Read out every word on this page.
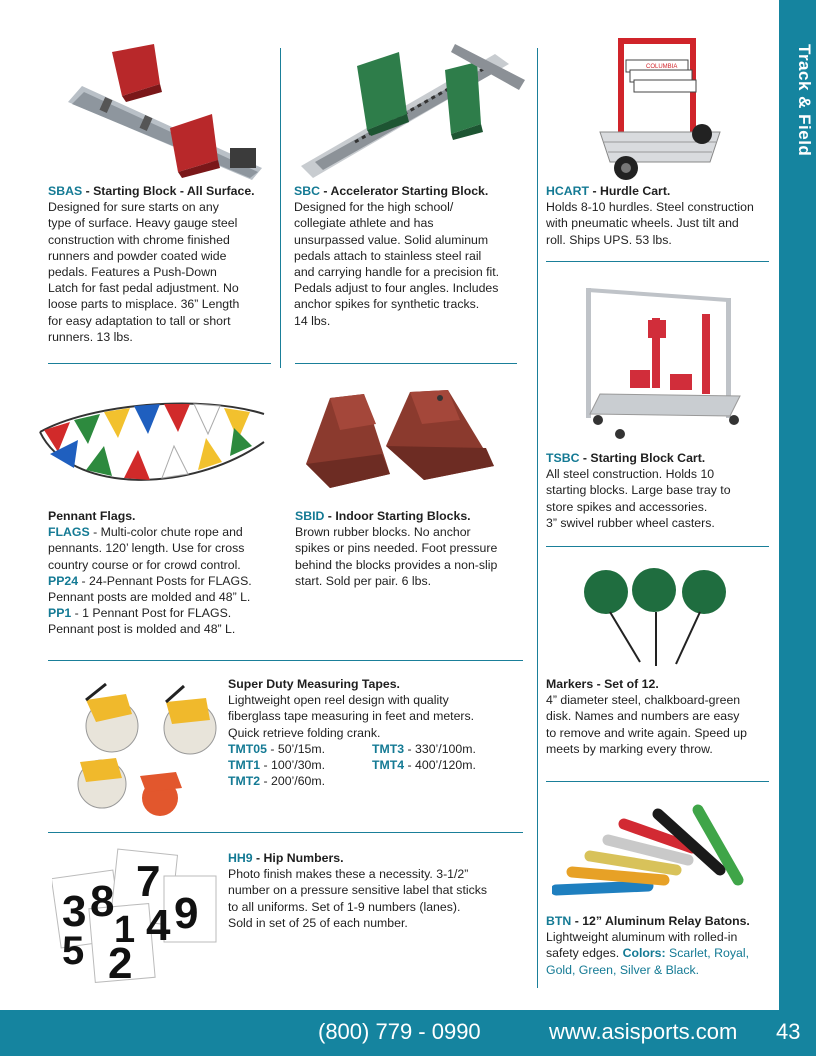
Track & Field
(800) 779 - 0990	www.asisports.com 43
COLUMBIA
3 8 7
5 1
2
4 9
SBAS - Starting Block - All Surface.
Designed for sure starts on any
type of surface. Heavy gauge steel
construction with chrome finished
runners and powder coated wide
pedals. Features a Push-Down
Latch for fast pedal adjustment. No
loose parts to misplace. 36” Length
for easy adaptation to tall or short
runners. 13 lbs.
SBC - Accelerator Starting Block.
Designed for the high school/
collegiate athlete and has
unsurpassed value. Solid aluminum
pedals attach to stainless steel rail
and carrying handle for a precision fit.
Pedals adjust to four angles. Includes
anchor spikes for synthetic tracks.
14 lbs.
HCART - Hurdle Cart.
Holds 8-10 hurdles. Steel construction
with pneumatic wheels. Just tilt and
roll. Ships UPS. 53 lbs.
TSBC - Starting Block Cart.
All steel construction. Holds 10
starting blocks. Large base tray to
store spikes and accessories.
3” swivel rubber wheel casters.
Pennant Flags.
FLAGS - Multi-color chute rope and
pennants. 120’ length. Use for cross
country course or for crowd control.
PP24 - 24-Pennant Posts for FLAGS.
Pennant posts are molded and 48” L.
PP1 - 1 Pennant Post for FLAGS.
Pennant post is molded and 48” L.
SBID - Indoor Starting Blocks.
Brown rubber blocks. No anchor
spikes or pins needed. Foot pressure
behind the blocks provides a non-slip
start. Sold per pair. 6 lbs.
Super Duty Measuring Tapes.
Lightweight open reel design with quality
fiberglass tape measuring in feet and meters.
Quick retrieve folding crank.
TMT05 - 50’/15m.	TMT3 - 330’/100m.
TMT1 - 100’/30m.	TMT4 - 400’/120m.
TMT2 - 200’/60m.
Markers - Set of 12.
4” diameter steel, chalkboard-green
disk. Names and numbers are easy
to remove and write again. Speed up
meets by marking every throw.
HH9 - Hip Numbers.
Photo finish makes these a necessity. 3-1/2”
number on a pressure sensitive label that sticks
to all uniforms. Set of 1-9 numbers (lanes).
Sold in set of 25 of each number.	BTN - 12” Aluminum Relay Batons.
Lightweight aluminum with rolled-in
safety edges. Colors: Scarlet, Royal,
Gold, Green, Silver & Black.
